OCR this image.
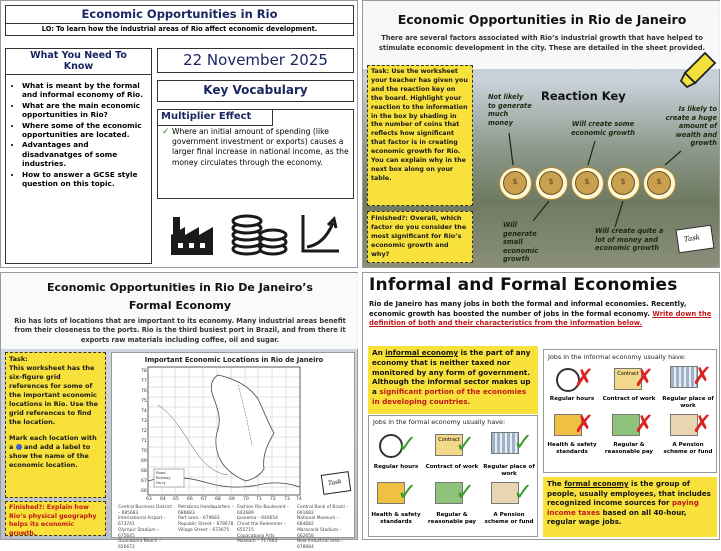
Economic Opportunities in Rio
LO: To learn how the industrial areas of Rio affect economic development.
What You Need To Know
• What is meant by the formal and informal economy of Rio.
• What are the main economic opportunities in Rio?
• Where some of the economic opportunities are located.
• Advantages and disadvanatges of some industries.
• How to answer a GCSE style question on this topic.
22 November 2025
Key Vocabulary
Multiplier Effect
✓ Where an initial amount of spending (like government investment or exports) causes a larger final increase in national income, as the money circulates through the economy.
Economic Opportunities in Rio de Janeiro
There are several factors associated with Rio’s industrial growth that have helped to stimulate economic development in the city. These are detailed in the sheet provided.
Task: Use the worksheet your teacher has given you and the reaction key on the board. Highlight your reaction to the information in the box by shading in the number of coins that reflects how significant that factor is in creating economic growth for Rio. You can explain why in the next box along on your table.
Finished?: Overall, which factor do you consider the most significant for Rio’s economic growth and why?
Reaction Key
Not likely to generate much money	Will create some economic growth
Is likely to create a huge amount of wealth and growth
Will generate small economic growth
Will create quite a lot of money and economic growth
$	$	$	$	$
Task
Economic Opportunities in Rio De Janeiro’s Formal Economy
Rio has lots of locations that are important to its economy. Many industrial areas benefit from their closeness to the ports. Rio is the third busiest port in Brazil, and from there it exports raw materials including coffee, oil and sugar.
Task:
This worksheet has the six-figure grid references for some of the important economic locations in Rio. Use the grid references to find the location.
Mark each location with a and add a label to show the name of the economic location.
Finished?: Explain how Rio’s physical geography helps its economic growth.
Important Economic Locations in Rio de Janeiro
78
77
76
75
74
73
72
71
70
69
68
67
66
63 64 65 66 67 68 69 70 71 72 73 74
Road
Railway
Ferry	Task
Central Business District – 685683
International Airport – 673741
Olympic Stadium – 675645
Guanabara Beach – 656672
Petrobras Headquarters – 686683
Port area – 679683
Republic Street – 678678
Village Street – 673675
Fashion Rio Boulevard – 642689
Ipanema – 640654
Christ the Redeemer – 655715
Copacabana Arts Museum – 717663
Central Bank of Brazil – 691682
National Museum – 684682
Maracanã Stadium – 662658
New Industrial area – 678684
Informal and Formal Economies
Rio de Janeiro has many jobs in both the formal and informal economies. Recently, economic growth has boosted the number of jobs in the formal economy. Write down the definition of both and their characteristics from the information below.
An informal economy is the part of any economy that is neither taxed nor monitored by any form of government. Although the informal sector makes up a significant portion of the economies in developing countries.
Jobs in the formal economy usually have:
✓	Contract
✓ ✓
Regular hours	Contract of work Regular place of work
✓ ✓ ✓
Health & safety standards
Regular & reasonable pay
A Pension scheme or fund
Jobs in the informal economy usually have:
✗	Contract
✗ ✗
Regular hours	Contract of work	Regular place of work
✗ ✗ ✗
Health & safety standards
Regular & reasonable pay
A Pension scheme or fund
The formal economy is the group of people, usually employees, that includes recognized income sources for paying income taxes based on all 40-hour, regular wage jobs.
